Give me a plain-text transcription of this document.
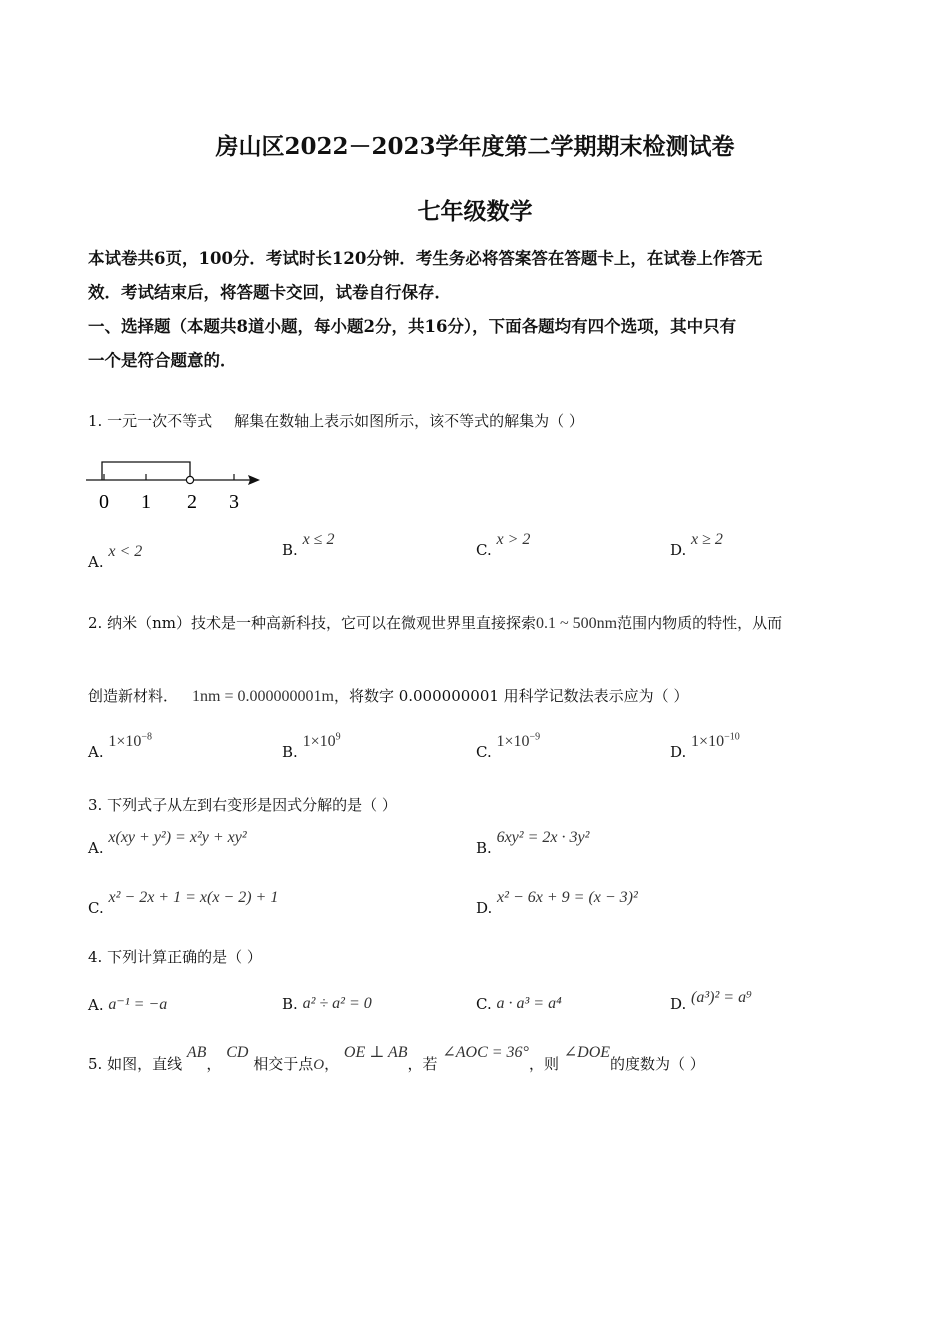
房山区2022－2023学年度第二学期期末检测试卷
七年级数学
本试卷共6页，100分．考试时长120分钟．考生务必将答案答在答题卡上，在试卷上作答无
效．考试结束后，将答题卡交回，试卷自行保存．
一、选择题（本题共8道小题，每小题2分，共16分），下面各题均有四个选项，其中只有
一个是符合题意的．
1. 一元一次不等式 解集在数轴上表示如图所示，该不等式的解集为（ ）
0 1 2 3
A. x < 2	B. x ≤ 2
C. x > 2
D. x ≥ 2
2. 纳米（nm）技术是一种高新科技，它可以在微观世界里直接探索0.1 ~ 500nm范围内物质的特性，从而
创造新材料． 1nm = 0.000000001m，将数字 0.000000001 用科学记数法表示应为（ ）
A. $1\times 10^{-8}$
B. $1\times 10^9$
C. $1\times 10^{-9}$
D. $1\times 10^{-10}$
3. 下列式子从左到右变形是因式分解的是（ ）
A. x(xy + y²) = x²y + xy²
B. 6xy² = 2x · 3y²
C. x² − 2x + 1 = x(x − 2) + 1
D. x² − 6x + 9 = (x − 3)²
4. 下列计算正确的是（ ）
A. a⁻¹ = −a	B. a² ÷ a² = 0	C. a · a³ = a⁴	D. (a³)² = a⁹
5. 如图，直线 AB， CD 相交于点O， OE ⊥ AB，若 ∠AOC = 36°，则 ∠DOE的度数为（ ）
